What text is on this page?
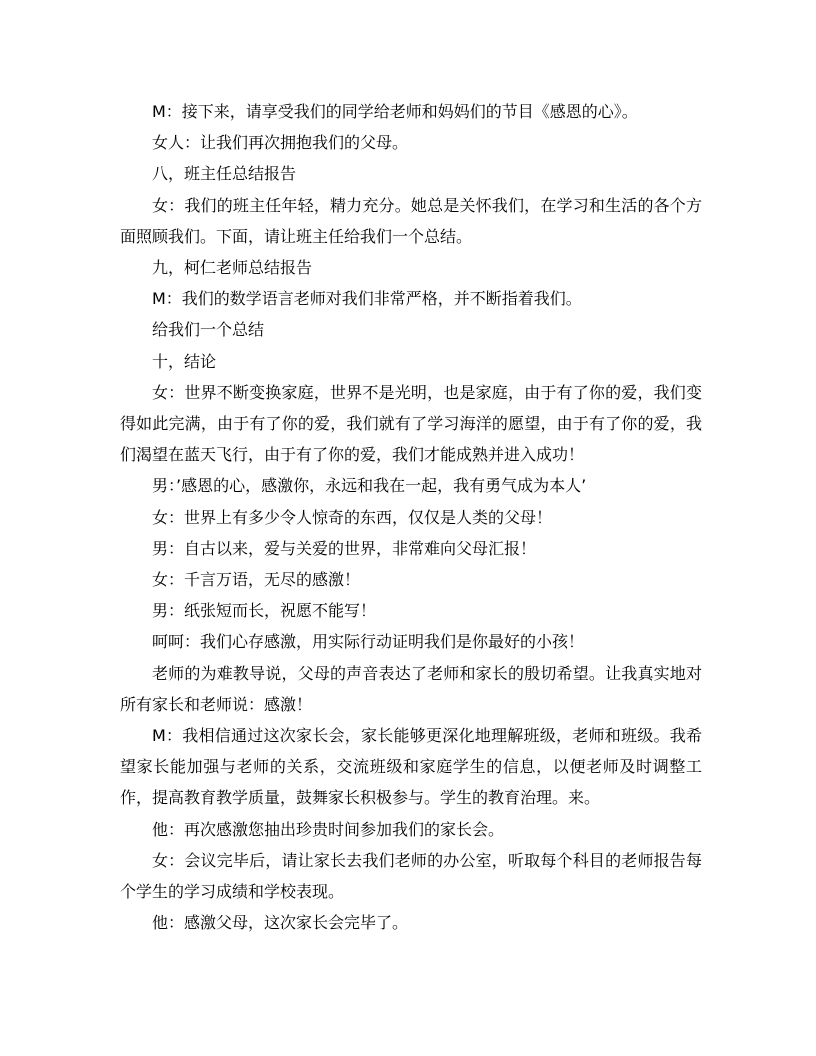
M：接下来，请享受我们的同学给老师和妈妈们的节目《感恩的心》。

女人：让我们再次拥抱我们的父母。

八，班主任总结报告

女：我们的班主任年轻，精力充分。她总是关怀我们，在学习和生活的各个方面照顾我们。下面，请让班主任给我们一个总结。

九，柯仁老师总结报告

M：我们的数学语言老师对我们非常严格，并不断指着我们。

给我们一个总结

十，结论

女：世界不断变换家庭，世界不是光明，也是家庭，由于有了你的爱，我们变得如此完满，由于有了你的爱，我们就有了学习海洋的愿望，由于有了你的爱，我们渴望在蓝天飞行，由于有了你的爱，我们才能成熟并进入成功！

男：’感恩的心，感激你，永远和我在一起，我有勇气成为本人’

女：世界上有多少令人惊奇的东西，仅仅是人类的父母！

男：自古以来，爱与关爱的世界，非常难向父母汇报！

女：千言万语，无尽的感激！

男：纸张短而长，祝愿不能写！

呵呵：我们心存感激，用实际行动证明我们是你最好的小孩！

老师的为难教导说，父母的声音表达了老师和家长的殷切希望。让我真实地对所有家长和老师说：感激！

M：我相信通过这次家长会，家长能够更深化地理解班级，老师和班级。我希望家长能加强与老师的关系，交流班级和家庭学生的信息，以便老师及时调整工作，提高教育教学质量，鼓舞家长积极参与。学生的教育治理。来。

他：再次感激您抽出珍贵时间参加我们的家长会。

女：会议完毕后，请让家长去我们老师的办公室，听取每个科目的老师报告每个学生的学习成绩和学校表现。

他：感激父母，这次家长会完毕了。
